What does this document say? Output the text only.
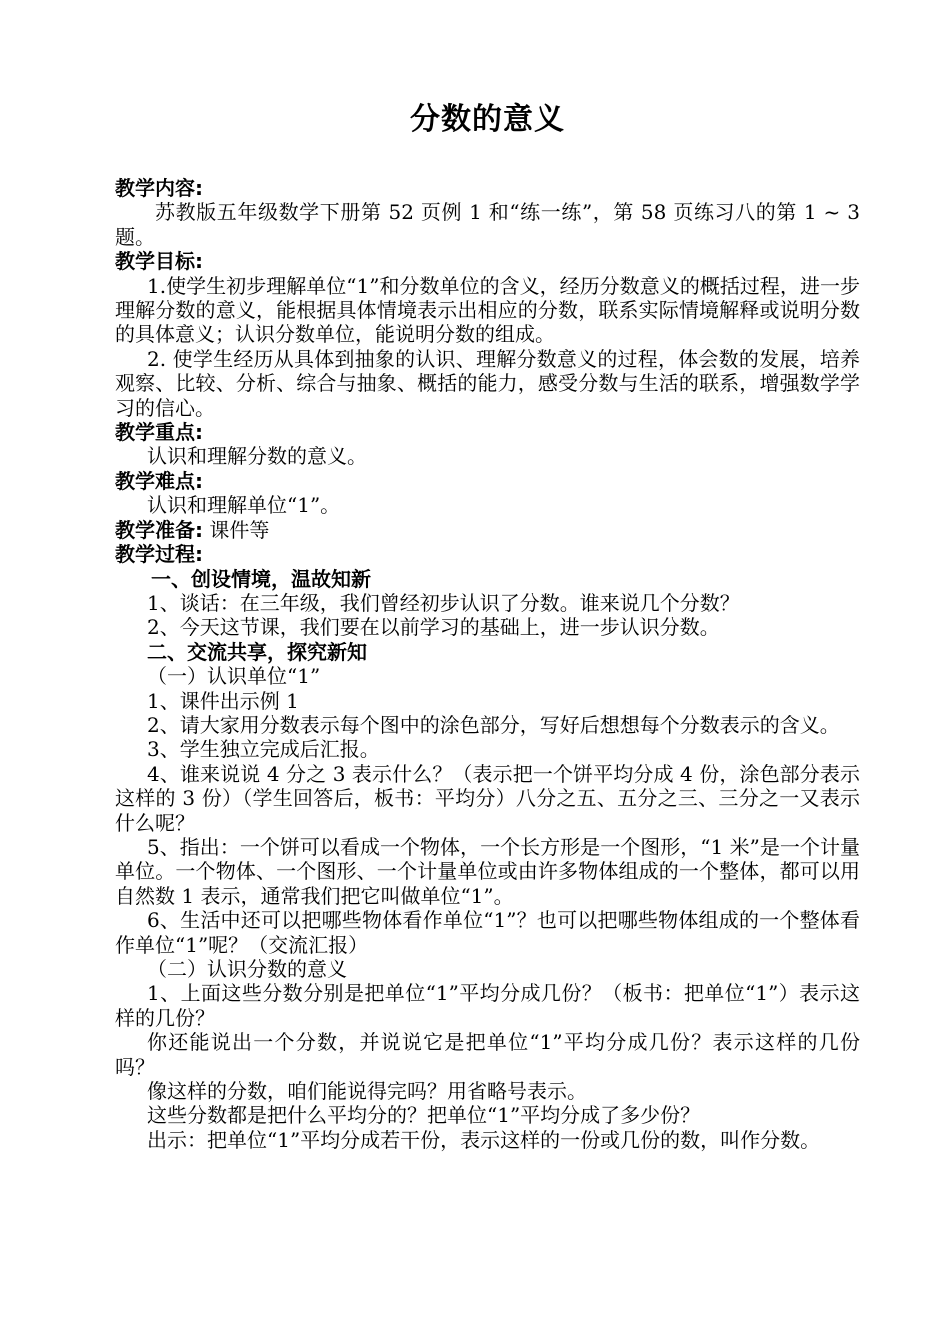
分数的意义
教学内容:
苏教版五年级数学下册第 52 页例 1 和“练一练”，第 58 页练习八的第 1 ~ 3 题。
教学目标:
1.使学生初步理解单位“1”和分数单位的含义，经历分数意义的概括过程，进一步理解分数的意义，能根据具体情境表示出相应的分数，联系实际情境解释或说明分数的具体意义；认识分数单位，能说明分数的组成。
2. 使学生经历从具体到抽象的认识、理解分数意义的过程，体会数的发展，培养观察、比较、分析、综合与抽象、概括的能力，感受分数与生活的联系，增强数学学习的信心。
教学重点:
认识和理解分数的意义。
教学难点:
认识和理解单位“1”。
教学准备: 课件等
教学过程:
一、创设情境，温故知新
1、谈话：在三年级，我们曾经初步认识了分数。谁来说几个分数？
2、今天这节课，我们要在以前学习的基础上，进一步认识分数。
二、交流共享，探究新知
（一）认识单位“1”
1、课件出示例 1
2、请大家用分数表示每个图中的涂色部分，写好后想想每个分数表示的含义。
3、学生独立完成后汇报。
4、谁来说说 4 分之 3 表示什么？（表示把一个饼平均分成 4 份，涂色部分表示这样的 3 份）（学生回答后，板书：平均分）八分之五、五分之三、三分之一又表示什么呢？
5、指出：一个饼可以看成一个物体，一个长方形是一个图形，“1 米”是一个计量单位。一个物体、一个图形、一个计量单位或由许多物体组成的一个整体，都可以用自然数 1 表示，通常我们把它叫做单位“1”。
6、生活中还可以把哪些物体看作单位“1”？也可以把哪些物体组成的一个整体看作单位“1”呢？（交流汇报）
（二）认识分数的意义
1、上面这些分数分别是把单位“1”平均分成几份？（板书：把单位“1”）表示这样的几份？
你还能说出一个分数，并说说它是把单位“1”平均分成几份？表示这样的几份吗？
像这样的分数，咱们能说得完吗？用省略号表示。
这些分数都是把什么平均分的？把单位“1”平均分成了多少份？
出示：把单位“1”平均分成若干份，表示这样的一份或几份的数，叫作分数。
